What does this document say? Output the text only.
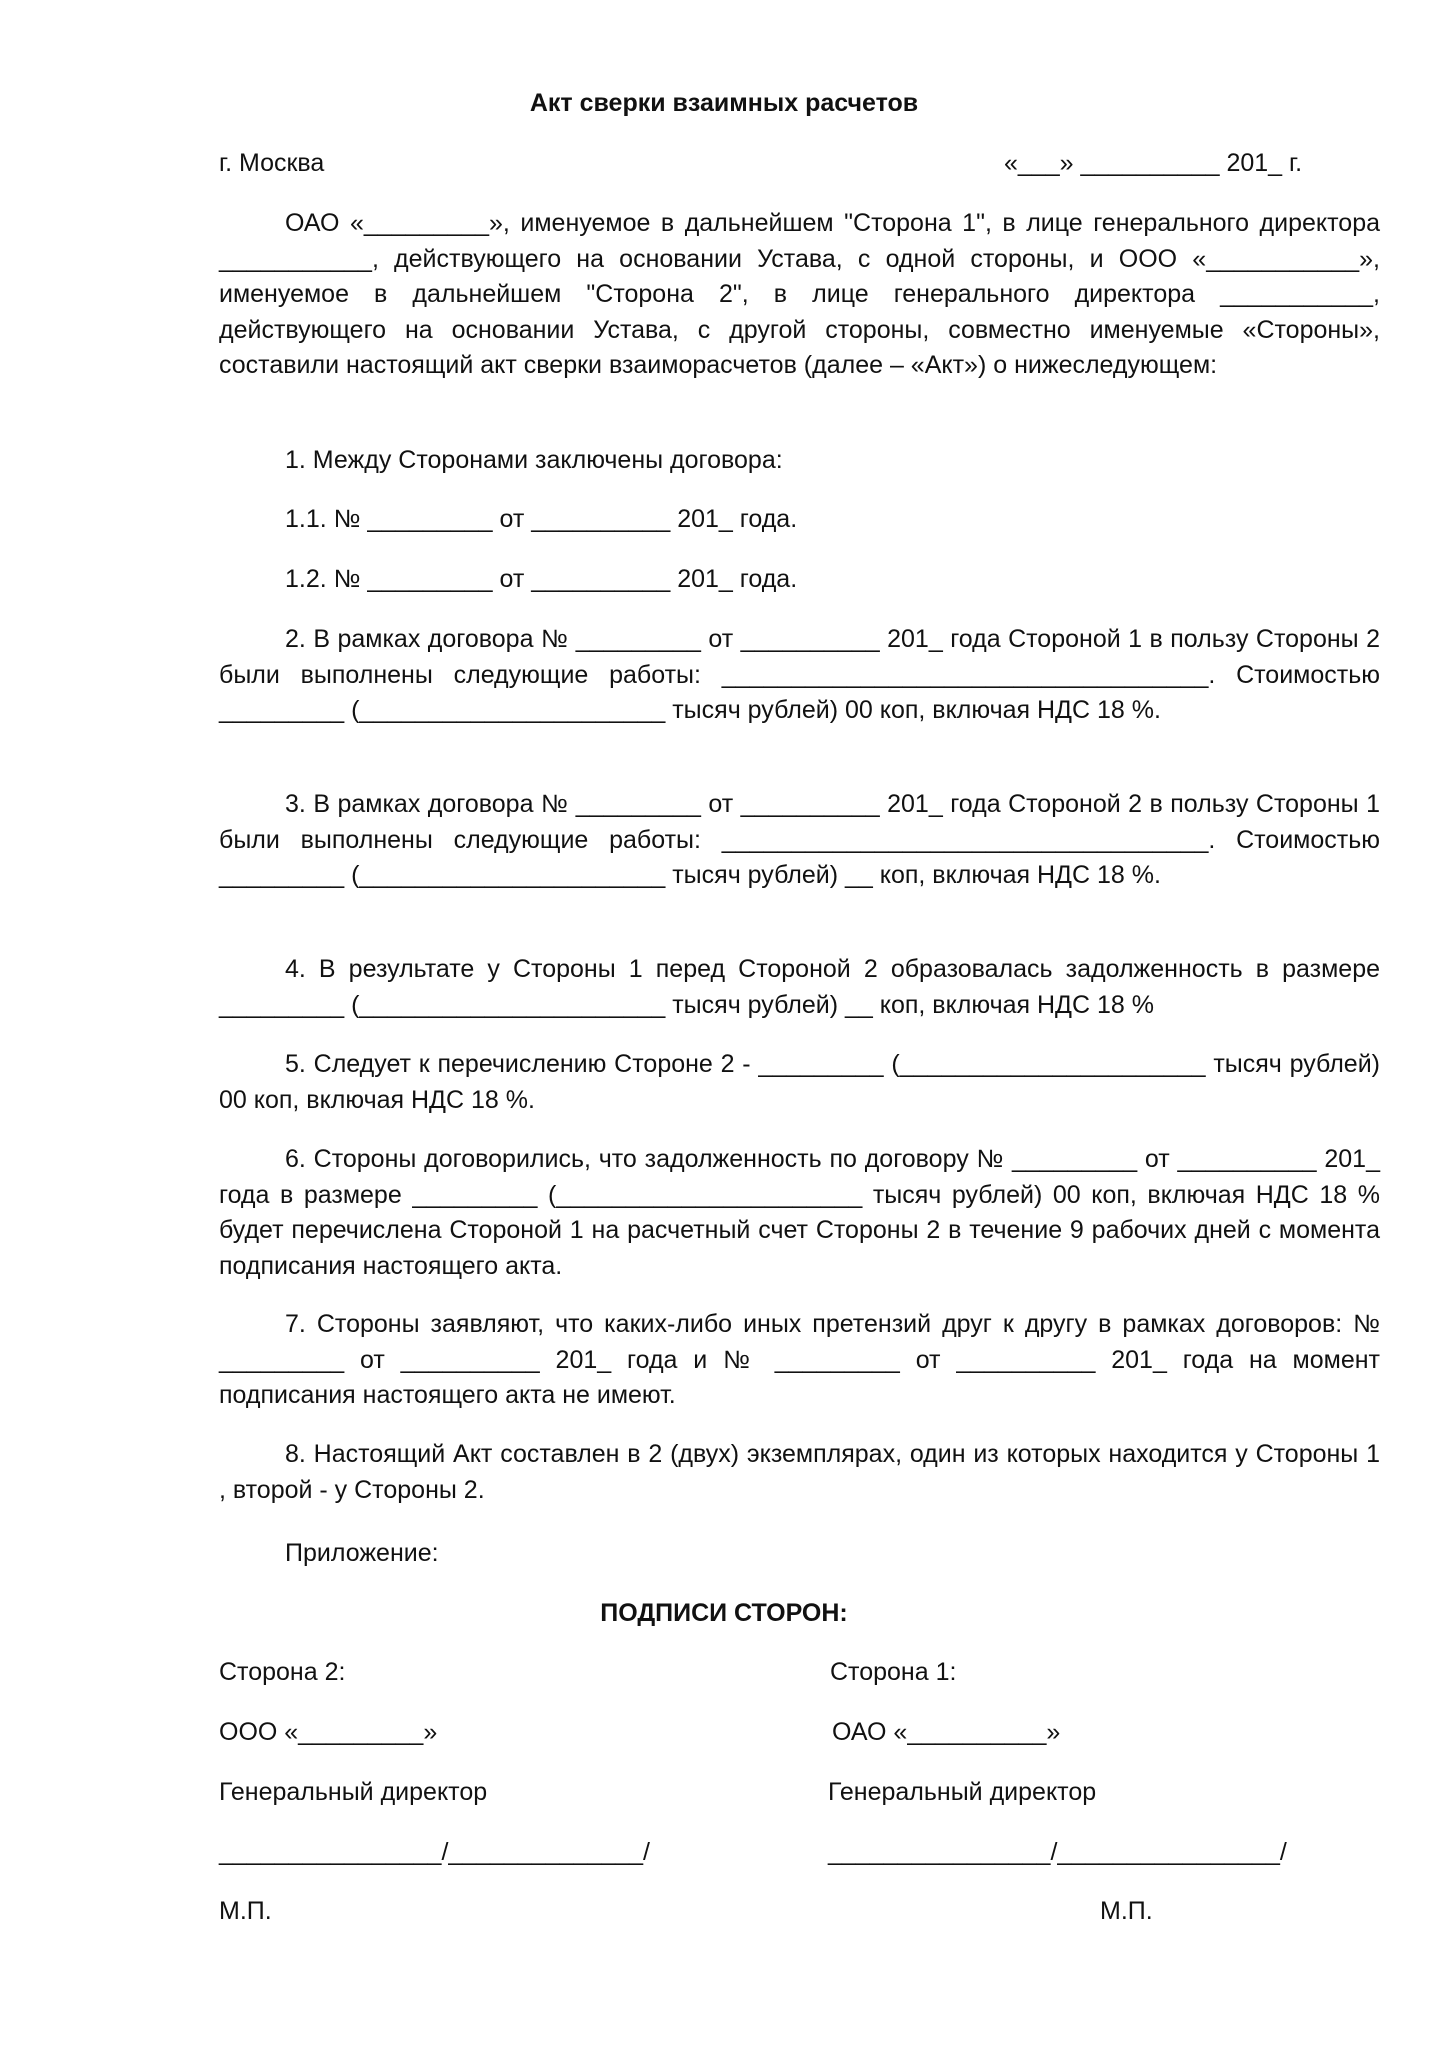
Акт сверки взаимных расчетов
г. Москва	«___» __________ 201_ г.
ОАО «_________», именуемое в дальнейшем "Сторона 1", в лице генерального директора ___________, действующего на основании Устава, с одной стороны, и ООО «___________», именуемое в дальнейшем "Сторона 2", в лице генерального директора ___________, действующего на основании Устава, с другой стороны, совместно именуемые «Стороны», составили настоящий акт сверки взаиморасчетов (далее – «Акт») о нижеследующем:
1. Между Сторонами заключены договора:
1.1. № _________ от __________ 201_ года.
1.2. № _________ от __________ 201_ года.
2. В рамках договора № _________ от __________ 201_ года Стороной 1 в пользу Стороны 2 были выполнены следующие работы: ___________________________________. Стоимостью _________ (______________________ тысяч рублей) 00 коп, включая НДС 18 %.
3. В рамках договора № _________ от __________ 201_ года Стороной 2 в пользу Стороны 1 были выполнены следующие работы: ___________________________________. Стоимостью _________ (______________________ тысяч рублей) __ коп, включая НДС 18 %.
4. В результате у Стороны 1 перед Стороной 2 образовалась задолженность в размере _________ (______________________ тысяч рублей) __ коп, включая НДС 18 %
5. Следует к перечислению Стороне 2 - _________ (______________________ тысяч рублей) 00 коп, включая НДС 18 %.
6. Стороны договорились, что задолженность по договору № _________ от __________ 201_ года в размере _________ (______________________ тысяч рублей) 00 коп, включая НДС 18 % будет перечислена Стороной 1 на расчетный счет Стороны 2 в течение 9 рабочих дней с момента подписания настоящего акта.
7. Стороны заявляют, что каких-либо иных претензий друг к другу в рамках договоров: № _________ от __________ 201_ года и № _________ от __________ 201_ года на момент подписания настоящего акта не имеют.
8. Настоящий Акт составлен в 2 (двух) экземплярах, один из которых находится у Стороны 1 , второй - у Стороны 2.
Приложение:
ПОДПИСИ СТОРОН:
Сторона 2:
ООО «_________»
Генеральный директор
________________/______________/
М.П.
Сторона 1:
ОАО «__________»
Генеральный директор
________________/________________/
М.П.
